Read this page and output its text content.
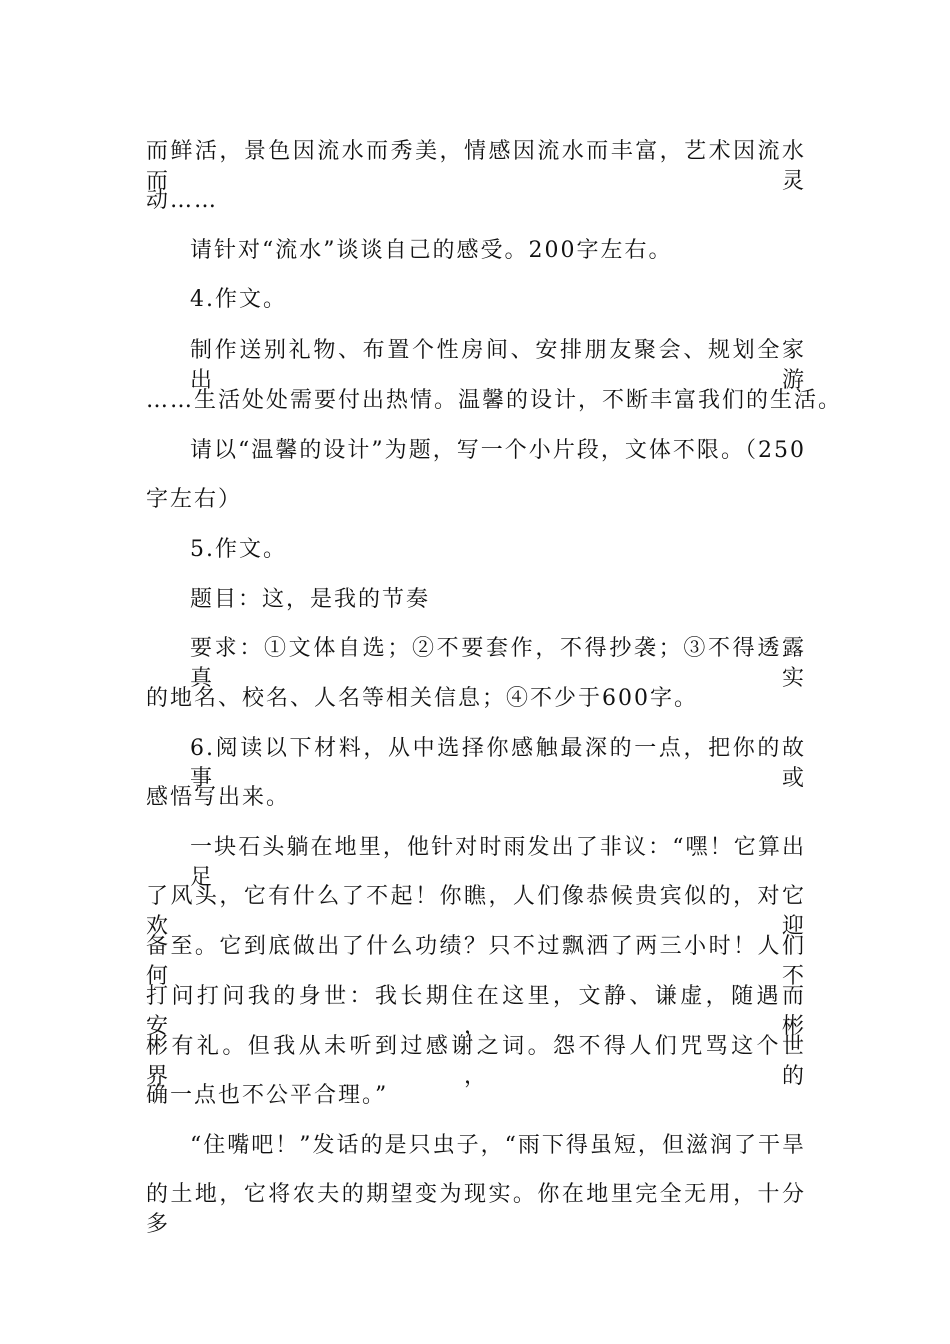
而鲜活，景色因流水而秀美，情感因流水而丰富，艺术因流水而灵
动……
请针对“流水”谈谈自己的感受。200字左右。
4.作文。
制作送别礼物、布置个性房间、安排朋友聚会、规划全家出游
……生活处处需要付出热情。温馨的设计，不断丰富我们的生活。
请以“温馨的设计”为题，写一个小片段，文体不限。（250
字左右）
5.作文。
题目：这，是我的节奏
要求：①文体自选；②不要套作，不得抄袭；③不得透露真实
的地名、校名、人名等相关信息；④不少于600字。
6.阅读以下材料，从中选择你感触最深的一点，把你的故事或
感悟写出来。
一块石头躺在地里，他针对时雨发出了非议：“嘿！它算出足
了风头，它有什么了不起！你瞧，人们像恭候贵宾似的，对它欢迎
备至。它到底做出了什么功绩？只不过飘洒了两三小时！人们何不
打问打问我的身世：我长期住在这里，文静、谦虚，随遇而安，彬
彬有礼。但我从未听到过感谢之词。怨不得人们咒骂这个世界，的
确一点也不公平合理。”
“住嘴吧！”发话的是只虫子，“雨下得虽短，但滋润了干旱
的土地，它将农夫的期望变为现实。你在地里完全无用，十分多
